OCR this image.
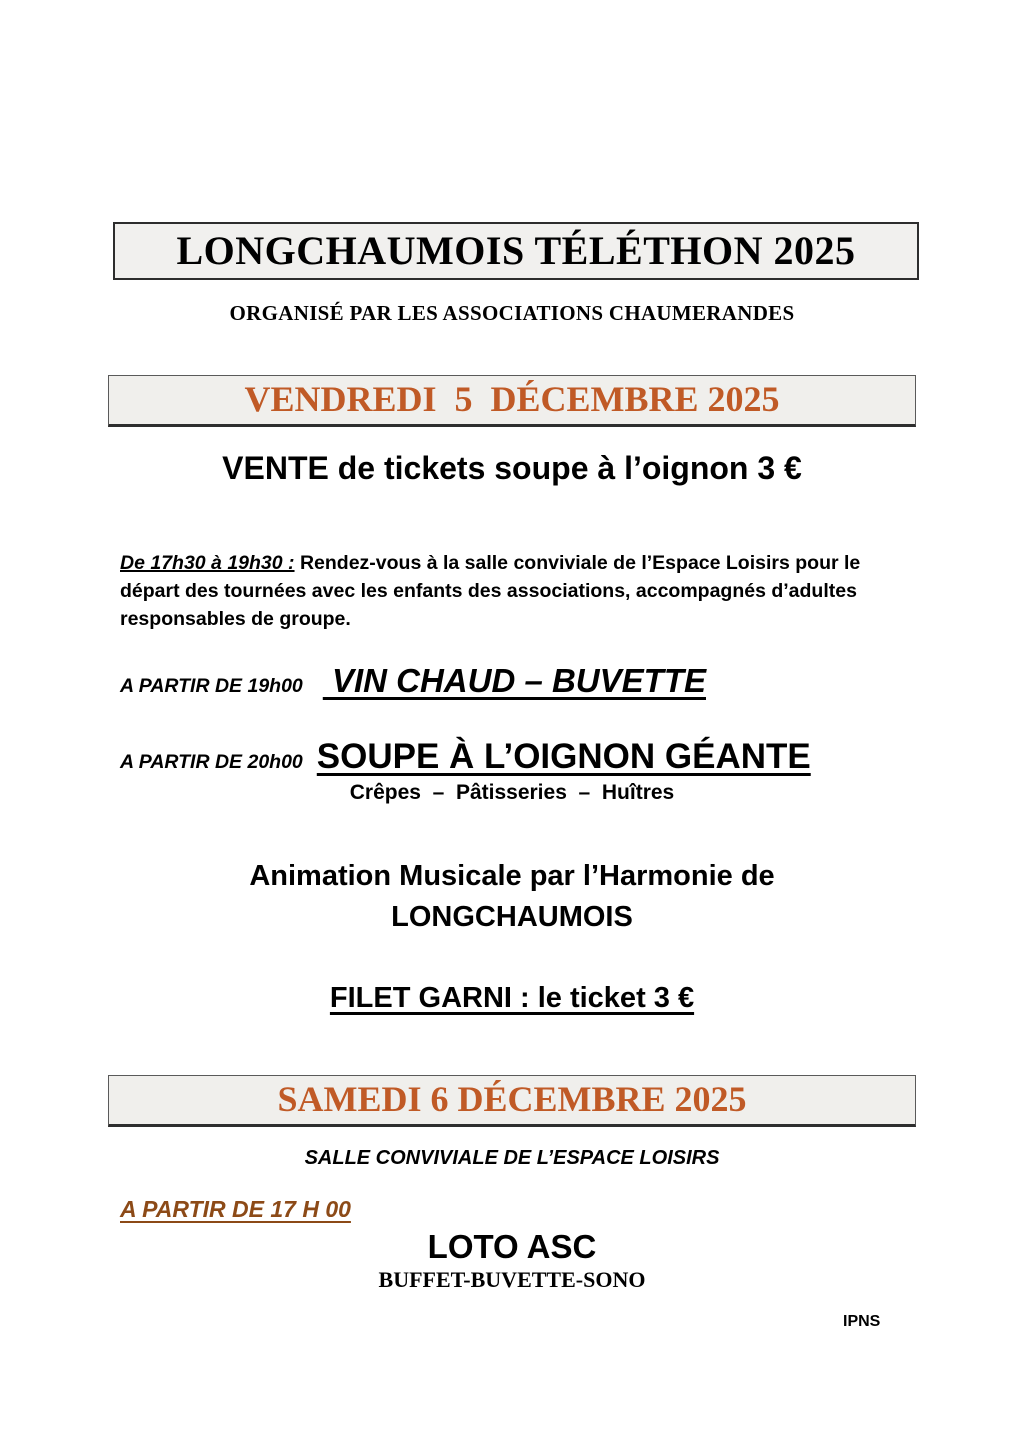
LONGCHAUMOIS TÉLÉTHON 2025
ORGANISÉ PAR LES ASSOCIATIONS CHAUMERANDES
VENDREDI  5  DÉCEMBRE 2025
VENTE de tickets soupe à l’oignon 3 €
De 17h30 à 19h30 : Rendez-vous à la salle conviviale de l’Espace Loisirs pour le départ des tournées avec les enfants des associations, accompagnés d’adultes responsables de groupe.
A PARTIR DE 19h00 VIN CHAUD – BUVETTE
A PARTIR DE 20h00 SOUPE À L’OIGNON GÉANTE
Crêpes  –  Pâtisseries  –  Huîtres
Animation Musicale par l’Harmonie de
LONGCHAUMOIS
FILET GARNI : le ticket 3 €
SAMEDI 6 DÉCEMBRE 2025
SALLE CONVIVIALE DE L’ESPACE LOISIRS
A PARTIR DE 17 H 00
LOTO ASC
BUFFET-BUVETTE-SONO
IPNS
